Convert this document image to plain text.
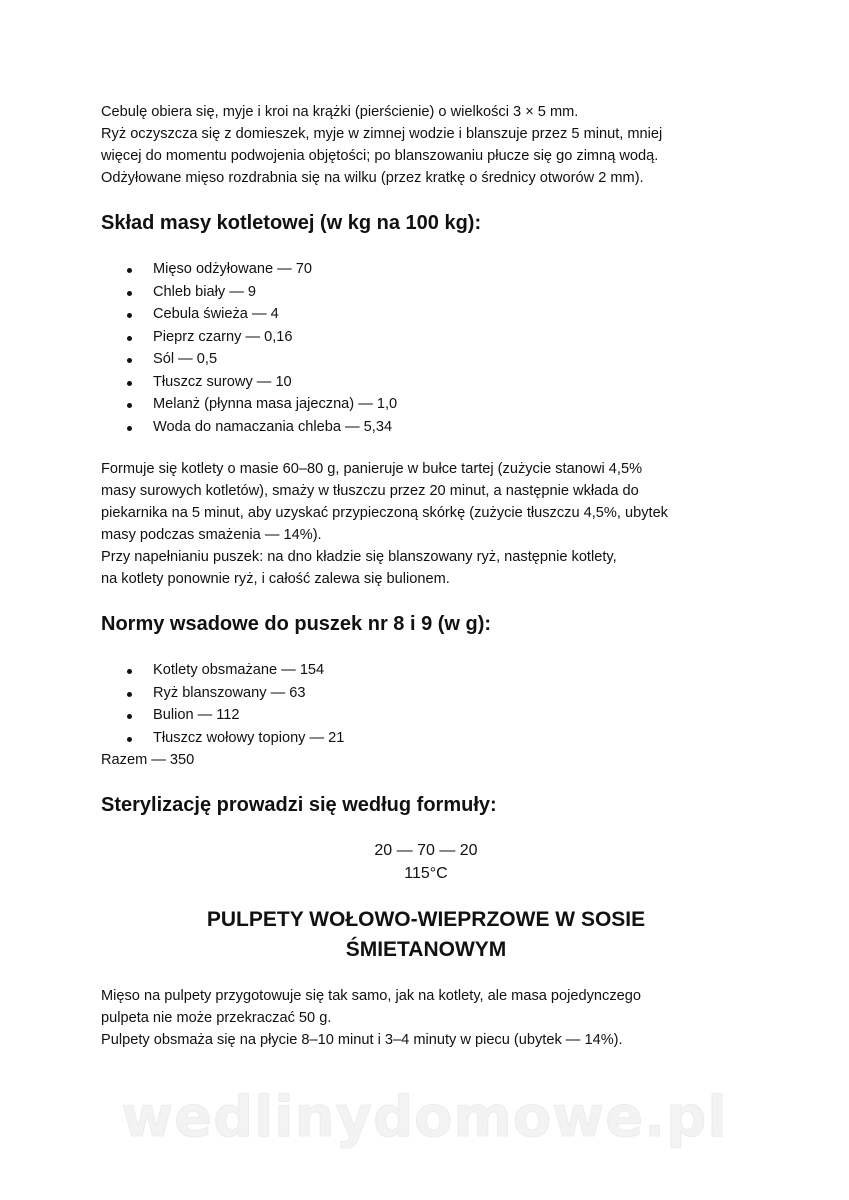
Cebulę obiera się, myje i kroi na krążki (pierścienie) o wielkości 3 × 5 mm.
Ryż oczyszcza się z domieszek, myje w zimnej wodzie i blanszuje przez 5 minut, mniej
więcej do momentu podwojenia objętości; po blanszowaniu płucze się go zimną wodą.
Odżyłowane mięso rozdrabnia się na wilku (przez kratkę o średnicy otworów 2 mm).

Skład masy kotletowej (w kg na 100 kg):
Mięso odżyłowane — 70
Chleb biały — 9
Cebula świeża — 4
Pieprz czarny — 0,16
Sól — 0,5
Tłuszcz surowy — 10
Melanż (płynna masa jajeczna) — 1,0
Woda do namaczania chleba — 5,34

Formuje się kotlety o masie 60–80 g, panieruje w bułce tartej (zużycie stanowi 4,5%
masy surowych kotletów), smaży w tłuszczu przez 20 minut, a następnie wkłada do
piekarnika na 5 minut, aby uzyskać przypieczoną skórkę (zużycie tłuszczu 4,5%, ubytek
masy podczas smażenia — 14%).
Przy napełnianiu puszek: na dno kładzie się blanszowany ryż, następnie kotlety,
na kotlety ponownie ryż, i całość zalewa się bulionem.

Normy wsadowe do puszek nr 8 i 9 (w g):
Kotlety obsmażane — 154
Ryż blanszowany — 63
Bulion — 112
Tłuszcz wołowy topiony — 21

Razem — 350

Sterylizację prowadzi się według formuły:
20 — 70 — 20
115°C
PULPETY WOŁOWO-WIEPRZOWE W SOSIE
ŚMIETANOWYM

Mięso na pulpety przygotowuje się tak samo, jak na kotlety, ale masa pojedynczego
pulpeta nie może przekraczać 50 g.
Pulpety obsmaża się na płycie 8–10 minut i 3–4 minuty w piecu (ubytek — 14%).

wedlinydomowe.pl
